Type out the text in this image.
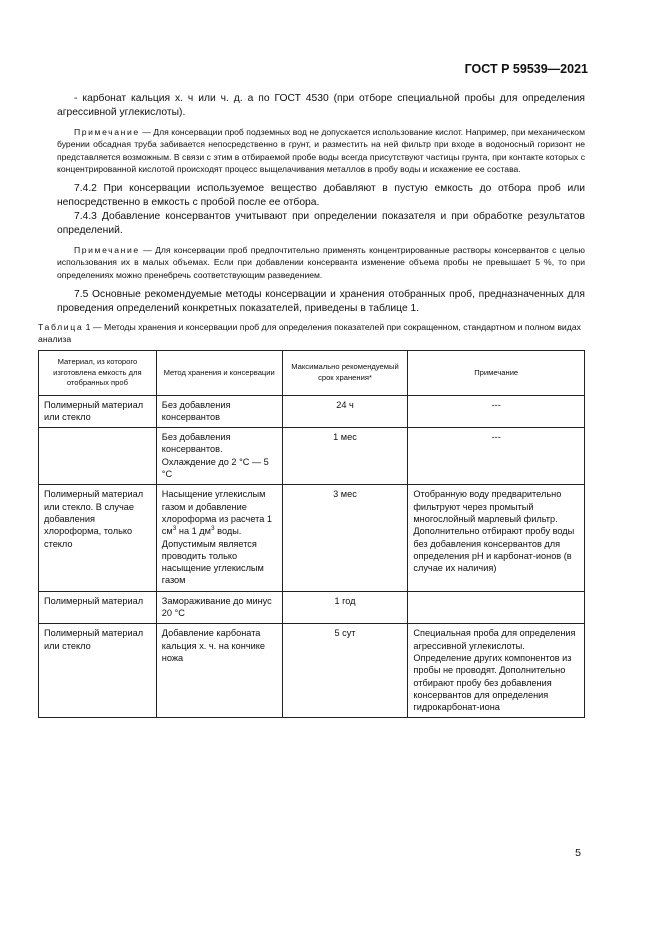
ГОСТ Р 59539—2021

- карбонат кальция х. ч или ч. д. а по ГОСТ 4530 (при отборе специальной пробы для определения агрессивной углекислоты).

Примечание — Для консервации проб подземных вод не допускается использование кислот. Например, при механическом бурении обсадная труба забивается непосредственно в грунт, и разместить на ней фильтр при входе в водоносный горизонт не представляется возможным. В связи с этим в отбираемой пробе воды всегда присутствуют частицы грунта, при контакте которых с концентрированной кислотой происходят процесс выщелачивания металлов в пробу воды и искажение ее состава.

7.4.2 При консервации используемое вещество добавляют в пустую емкость до отбора проб или непосредственно в емкость с пробой после ее отбора.

7.4.3 Добавление консервантов учитывают при определении показателя и при обработке результатов определений.

Примечание — Для консервации проб предпочтительно применять концентрированные растворы консервантов с целью использования их в малых объемах. Если при добавлении консерванта изменение объема пробы не превышает 5 %, то при определениях можно пренебречь соответствующим разведением.

7.5 Основные рекомендуемые методы консервации и хранения отобранных проб, предназначенных для проведения определений конкретных показателей, приведены в таблице 1.

Таблица 1 — Методы хранения и консервации проб для определения показателей при сокращенном, стандартном и полном видах анализа

Материал, из которого изготовлена емкость для отобранных проб	Метод хранения и консервации	Максимально рекомендуемый срок хранения*	Примечание
Полимерный материал или стекло	Без добавления консервантов	24 ч	---
	Без добавления консервантов. Охлаждение до 2 °С — 5 °С	1 мес	---
Полимерный материал или стекло. В случае добавления хлороформа, только стекло	Насыщение углекислым газом и добавление хлороформа из расчета 1 $см^3$ на 1 $дм^3$ воды. Допустимым является проводить только насыщение углекислым газом	3 мес	Отобранную воду предварительно фильтруют через промытый многослойный марлевый фильтр. Дополнительно отбирают пробу воды без добавления консервантов для определения рН и карбонат-ионов (в случае их наличия)
Полимерный материал	Замораживание до минус 20 °С	1 год	
Полимерный материал или стекло	Добавление карбоната кальция х. ч. на кончике ножа	5 сут	Специальная проба для определения агрессивной углекислоты. Определение других компонентов из пробы не проводят. Дополнительно отбирают пробу без добавления консервантов для определения гидрокарбонат-иона
5
